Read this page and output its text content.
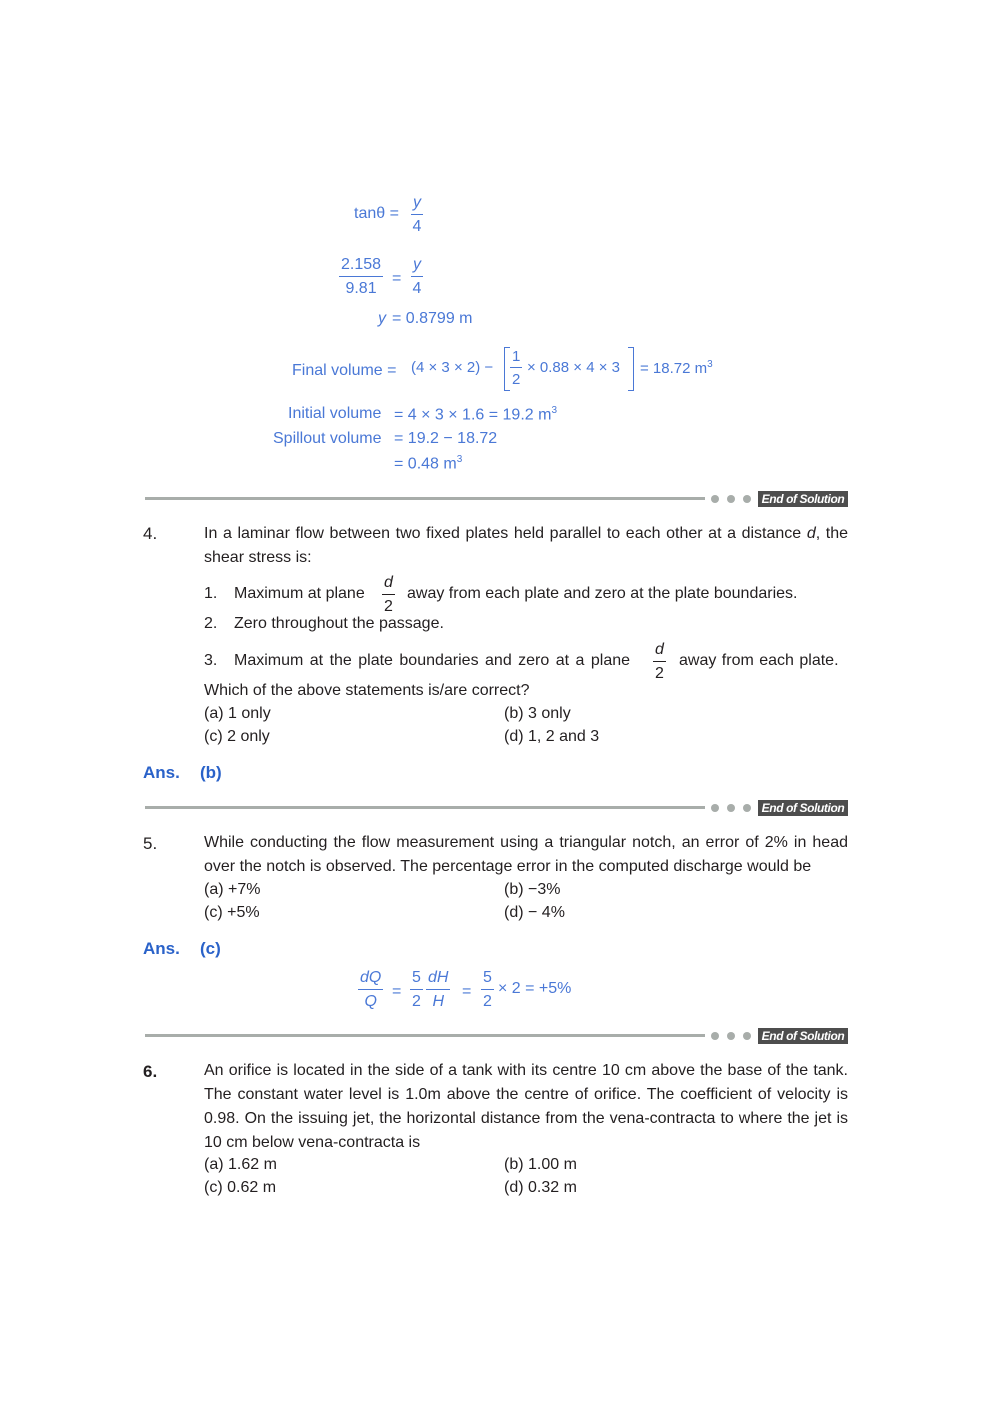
$\tan\theta = \frac{y}{4}$
$\frac{2.158}{9.81} = \frac{y}{4}$
y = 0.8799 m
Final volume = $(4 \times 3 \times 2) - \frac{1}{2} \times 0.88 \times 4 \times 3 = 18.72$ $m^3$
Initial volume = 4 × 3 × 1.6 = 19.2 $m^3$
Spillout volume = 19.2 − 18.72
= 0.48 $m^3$
End of Solution
4.	In a laminar flow between two fixed plates held parallel to each other at a distance d, the shear stress is:
1. Maximum at plane $\frac{d}{2}$ away from each plate and zero at the plate boundaries.
2. Zero throughout the passage.
3. Maximum at the plate boundaries and zero at a plane $\frac{d}{2}$ away from each plate.
Which of the above statements is/are correct?
(a) 1 only	(b) 3 only
(c) 2 only	(d) 1, 2 and 3
Ans. (b)
End of Solution
5.	While conducting the flow measurement using a triangular notch, an error of 2% in head over the notch is observed. The percentage error in the computed discharge would be
(a) +7%	(b) −3%
(c) +5%	(d) − 4%
Ans. (c)
$\frac{dQ}{Q} = \frac{5}{2} \frac{dH}{H} = \frac{5}{2} \times 2 = +5\%$
End of Solution
6.	An orifice is located in the side of a tank with its centre 10 cm above the base of the tank. The constant water level is 1.0m above the centre of orifice. The coefficient of velocity is 0.98. On the issuing jet, the horizontal distance from the vena-contracta to where the jet is 10 cm below vena-contracta is
(a) 1.62 m	(b) 1.00 m
(c) 0.62 m	(d) 0.32 m
